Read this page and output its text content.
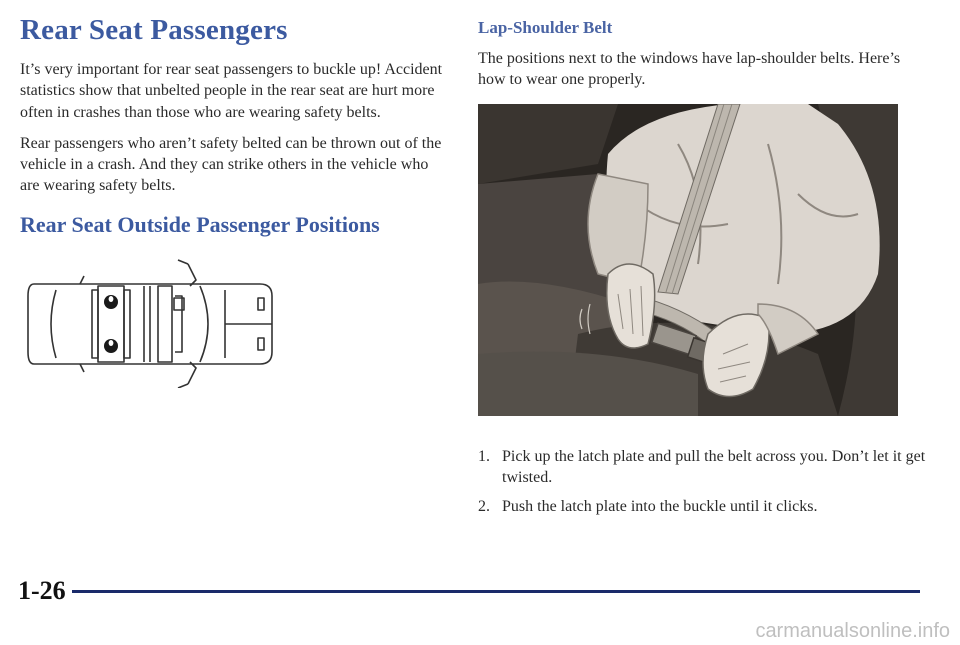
Rear Seat Passengers

It’s very important for rear seat passengers to buckle up! Accident statistics show that unbelted people in the rear seat are hurt more often in crashes than those who are wearing safety belts.

Rear passengers who aren’t safety belted can be thrown out of the vehicle in a crash. And they can strike others in the vehicle who are wearing safety belts.

Rear Seat Outside Passenger Positions
Lap-Shoulder Belt

The positions next to the windows have lap-shoulder belts. Here’s how to wear one properly.

1. Pick up the latch plate and pull the belt across you. Don’t let it get twisted.
2. Push the latch plate into the buckle until it clicks.
1-26
carmanualsonline.info
